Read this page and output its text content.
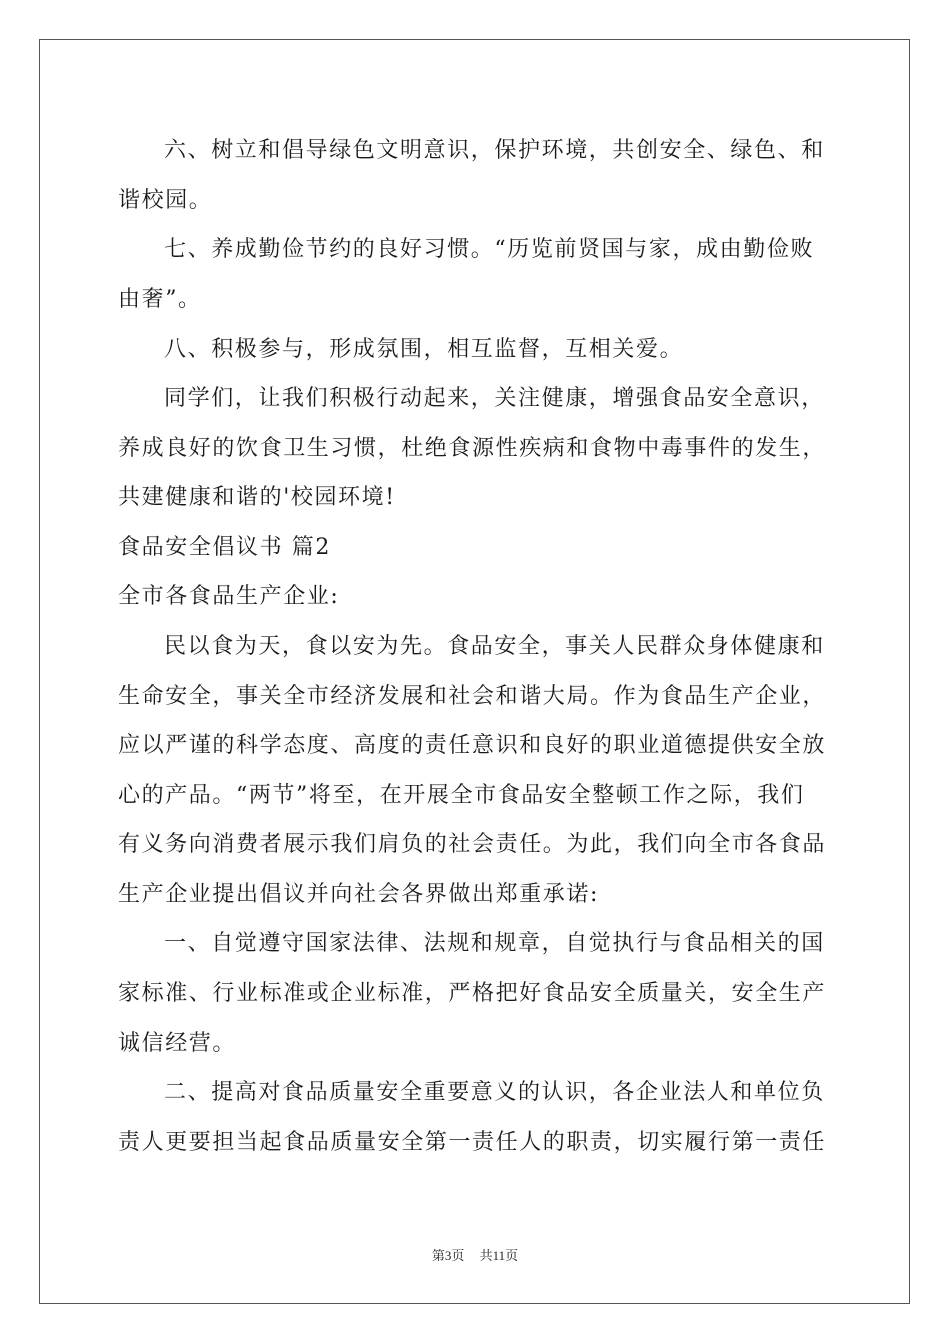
六、树立和倡导绿色文明意识，保护环境，共创安全、绿色、和
谐校园。
七、养成勤俭节约的良好习惯。“历览前贤国与家，成由勤俭败
由奢”。
八、积极参与，形成氛围，相互监督，互相关爱。
同学们，让我们积极行动起来，关注健康，增强食品安全意识，
养成良好的饮食卫生习惯，杜绝食源性疾病和食物中毒事件的发生，
共建健康和谐的'校园环境!
食品安全倡议书 篇2
全市各食品生产企业:
民以食为天，食以安为先。食品安全，事关人民群众身体健康和
生命安全，事关全市经济发展和社会和谐大局。作为食品生产企业，
应以严谨的科学态度、高度的责任意识和良好的职业道德提供安全放
心的产品。“两节”将至，在开展全市食品安全整顿工作之际，我们
有义务向消费者展示我们肩负的社会责任。为此，我们向全市各食品
生产企业提出倡议并向社会各界做出郑重承诺:
一、自觉遵守国家法律、法规和规章，自觉执行与食品相关的国
家标准、行业标准或企业标准，严格把好食品安全质量关，安全生产
诚信经营。
二、提高对食品质量安全重要意义的认识，各企业法人和单位负
责人更要担当起食品质量安全第一责任人的职责，切实履行第一责任
第3页 共11页
